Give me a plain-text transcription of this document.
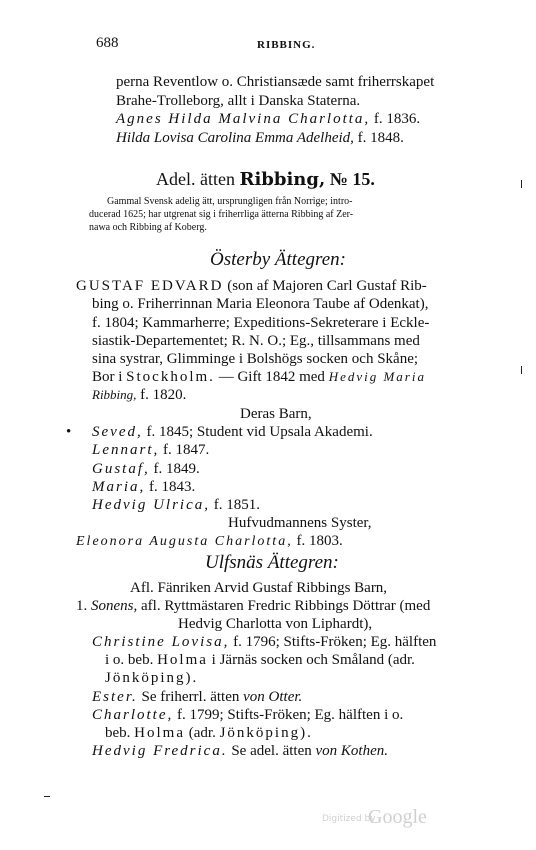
688	RIBBING.
perna Reventlow o. Christiansæde samt friherrskapet
Brahe-Trolleborg, allt i Danska Staterna.
Agnes Hilda Malvina Charlotta, f. 1836.
Hilda Lovisa Carolina Emma Adelheid, f. 1848.
Adel. ätten Ribbing, № 15.
Gammal Svensk adelig ätt, ursprungligen från Norrige; intro-
ducerad 1625; har utgrenat sig i friherrliga ätterna Ribbing af Zer-
nawa och Ribbing af Koberg.
Österby Ättegren:
GUSTAF EDVARD (son af Majoren Carl Gustaf Rib-
bing o. Friherrinnan Maria Eleonora Taube af Odenkat),
f. 1804; Kammarherre; Expeditions-Sekreterare i Eckle-
siastik-Departementet; R. N. O.; Eg., tillsammans med
sina systrar, Glimminge i Bolshögs socken och Skåne;
Bor i Stockholm. — Gift 1842 med Hedvig Maria
Ribbing, f. 1820.
Deras Barn,
• Seved, f. 1845; Student vid Upsala Akademi.
Lennart, f. 1847.
Gustaf, f. 1849.
Maria, f. 1843.
Hedvig Ulrica, f. 1851.
Hufvudmannens Syster,
Eleonora Augusta Charlotta, f. 1803.
Ulfsnäs Ättegren:
Afl. Fänriken Arvid Gustaf Ribbings Barn,
1. Sonens, afl. Ryttmästaren Fredric Ribbings Döttrar (med
Hedvig Charlotta von Liphardt),
Christine Lovisa, f. 1796; Stifts-Fröken; Eg. hälften
i o. beb. Holma i Järnäs socken och Småland (adr.
Jönköping).
Ester. Se friherrl. ätten von Otter.
Charlotte, f. 1799; Stifts-Fröken; Eg. hälften i o.
beb. Holma (adr. Jönköping).
Hedvig Fredrica. Se adel. ätten von Kothen.
Digitized by
Google
